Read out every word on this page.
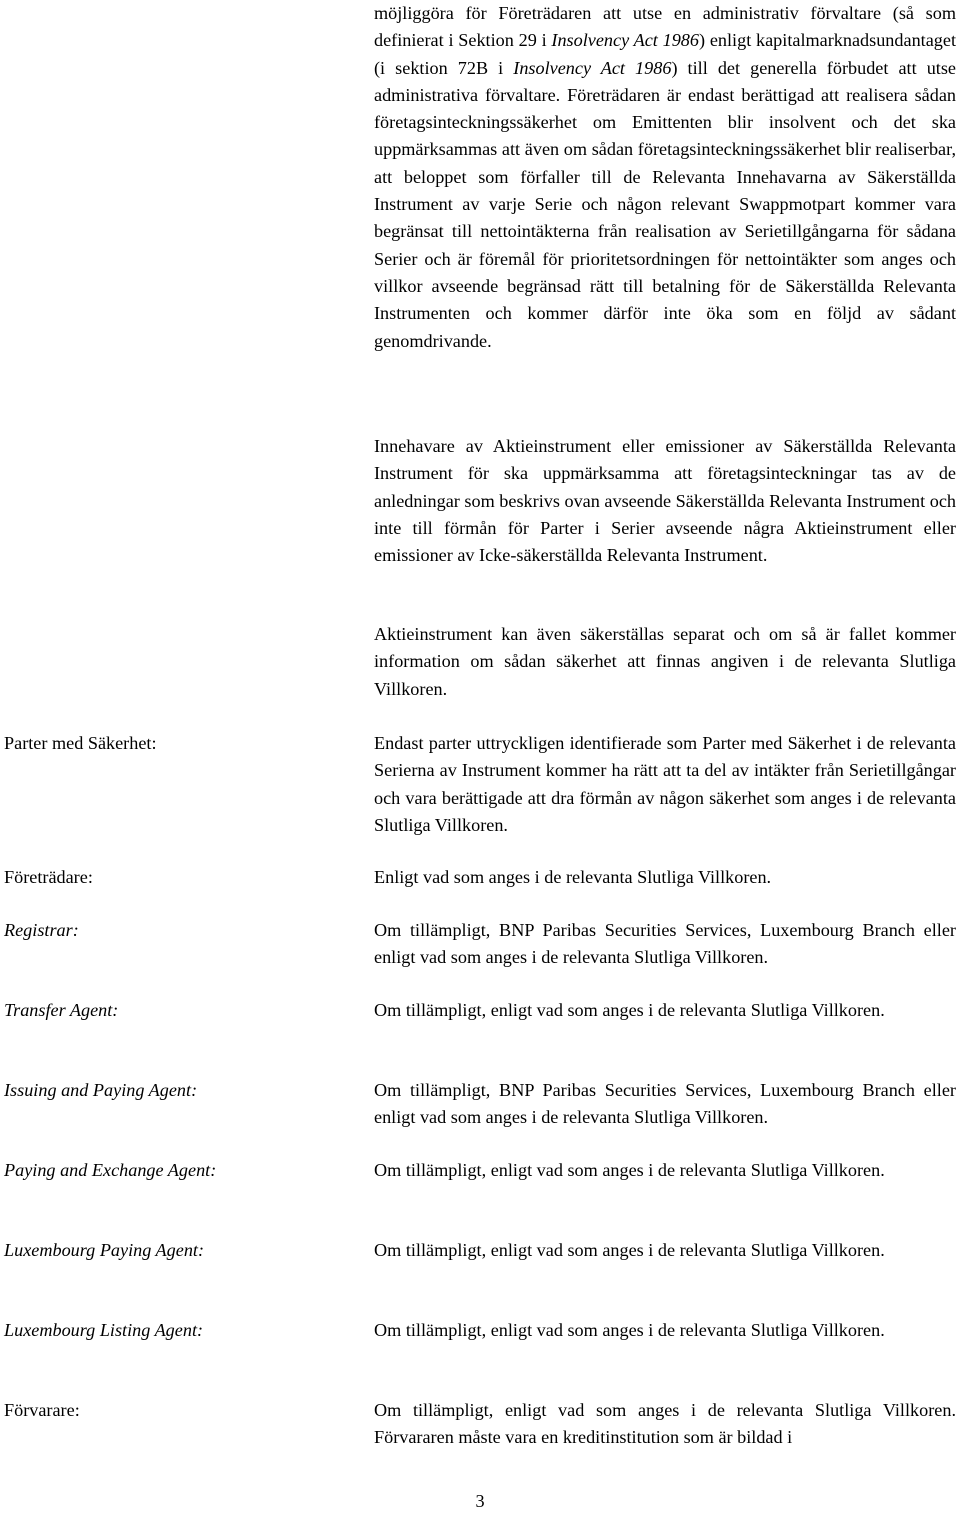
möjliggöra för Företrädaren att utse en administrativ förvaltare (så som definierat i Sektion 29 i Insolvency Act 1986) enligt kapitalmarknadsundantaget (i sektion 72B i Insolvency Act 1986) till det generella förbudet att utse administrativa förvaltare. Företrädaren är endast berättigad att realisera sådan företagsinteckningssäkerhet om Emittenten blir insolvent och det ska uppmärksammas att även om sådan företagsinteckningssäkerhet blir realiserbar, att beloppet som förfaller till de Relevanta Innehavarna av Säkerställda Instrument av varje Serie och någon relevant Swappmotpart kommer vara begränsat till nettointäkterna från realisation av Serietillgångarna för sådana Serier och är föremål för prioritetsordningen för nettointäkter som anges och villkor avseende begränsad rätt till betalning för de Säkerställda Relevanta Instrumenten och kommer därför inte öka som en följd av sådant genomdrivande.

Innehavare av Aktieinstrument eller emissioner av Säkerställda Relevanta Instrument för ska uppmärksamma att företagsinteckningar tas av de anledningar som beskrivs ovan avseende Säkerställda Relevanta Instrument och inte till förmån för Parter i Serier avseende några Aktieinstrument eller emissioner av Icke-säkerställda Relevanta Instrument.

Aktieinstrument kan även säkerställas separat och om så är fallet kommer information om sådan säkerhet att finnas angiven i de relevanta Slutliga Villkoren.

Parter med Säkerhet:	Endast parter uttryckligen identifierade som Parter med Säkerhet i de relevanta Serierna av Instrument kommer ha rätt att ta del av intäkter från Serietillgångar och vara berättigade att dra förmån av någon säkerhet som anges i de relevanta Slutliga Villkoren.

Företrädare:	Enligt vad som anges i de relevanta Slutliga Villkoren.

Registrar:	Om tillämpligt, BNP Paribas Securities Services, Luxembourg Branch eller enligt vad som anges i de relevanta Slutliga Villkoren.

Transfer Agent:	Om tillämpligt, enligt vad som anges i de relevanta Slutliga Villkoren.

Issuing and Paying Agent:	Om tillämpligt, BNP Paribas Securities Services, Luxembourg Branch eller enligt vad som anges i de relevanta Slutliga Villkoren.

Paying and Exchange Agent:	Om tillämpligt, enligt vad som anges i de relevanta Slutliga Villkoren.

Luxembourg Paying Agent:	Om tillämpligt, enligt vad som anges i de relevanta Slutliga Villkoren.

Luxembourg Listing Agent:	Om tillämpligt, enligt vad som anges i de relevanta Slutliga Villkoren.

Förvarare:	Om tillämpligt, enligt vad som anges i de relevanta Slutliga Villkoren. Förvararen måste vara en kreditinstitution som är bildad i

3
